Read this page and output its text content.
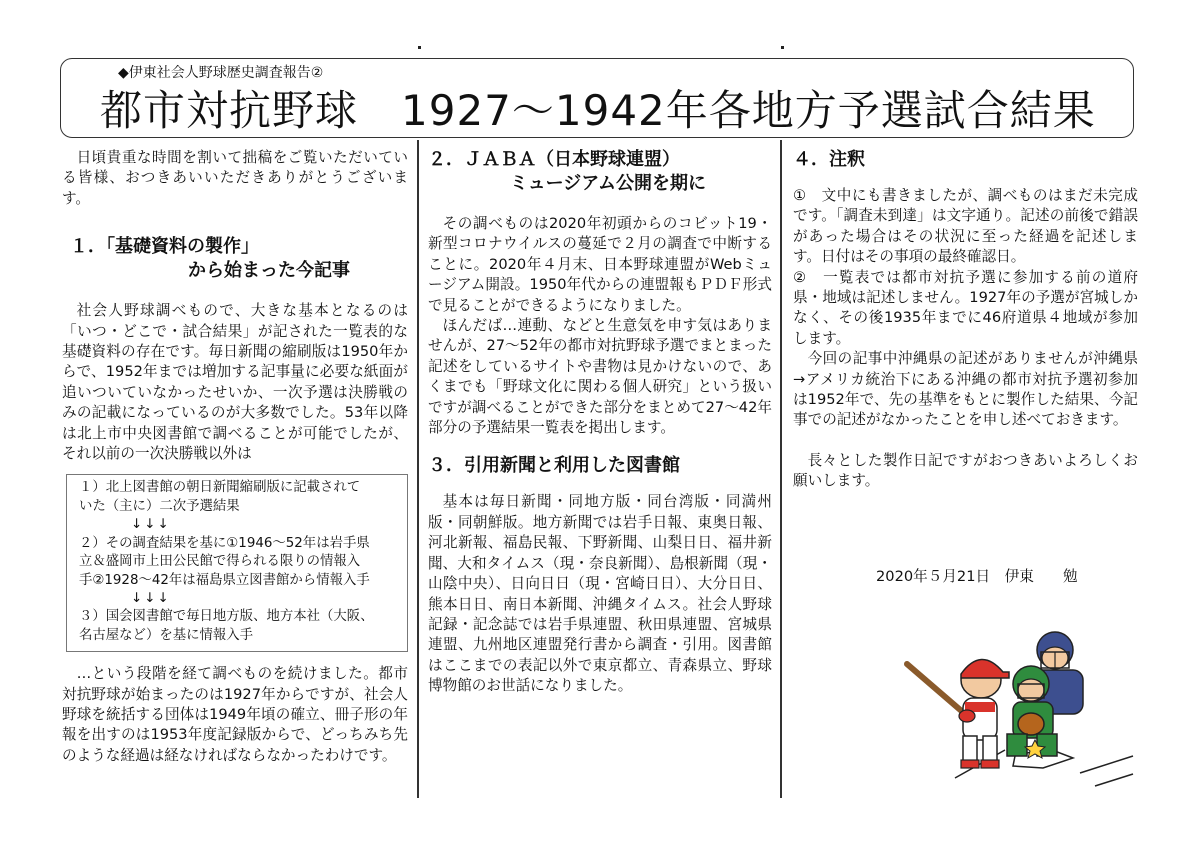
◆伊東社会人野球歴史調査報告②
都市対抗野球　1927～1942年各地方予選試合結果

日頃貴重な時間を割いて拙稿をご覧いただいている皆様、おつきあいいただきありがとうございます。

１．「基礎資料の製作」
から始まった今記事

社会人野球調べもので、大きな基本となるのは「いつ・どこで・試合結果」が記された一覧表的な基礎資料の存在です。毎日新聞の縮刷版は1950年からで、1952年までは増加する記事量に必要な紙面が追いついていなかったせいか、一次予選は決勝戦のみの記載になっているのが大多数でした。53年以降は北上市中央図書館で調べることが可能でしたが、それ以前の一次決勝戦以外は

１）北上図書館の朝日新聞縮刷版に記載されて
いた（主に）二次予選結果
↓↓↓
２）その調査結果を基に①1946～52年は岩手県
立＆盛岡市上田公民館で得られる限りの情報入
手②1928～42年は福島県立図書館から情報入手
↓↓↓
３）国会図書館で毎日地方版、地方本社（大阪、
名古屋など）を基に情報入手

…という段階を経て調べものを続けました。都市対抗野球が始まったのは1927年からですが、社会人野球を統括する団体は1949年頃の確立、冊子形の年報を出すのは1953年度記録版からで、どっちみち先のような経過は経なければならなかったわけです。

２．ＪＡＢＡ（日本野球連盟）
ミュージアム公開を期に

その調べものは2020年初頭からのコビット19・新型コロナウイルスの蔓延で２月の調査で中断することに。2020年４月末、日本野球連盟がWebミュージアム開設。1950年代からの連盟報もＰＤＦ形式で見ることができるようになりました。

ほんだば…連動、などと生意気を申す気はありませんが、27～52年の都市対抗野球予選でまとまった記述をしているサイトや書物は見かけないので、あくまでも「野球文化に関わる個人研究」という扱いですが調べることができた部分をまとめて27～42年部分の予選結果一覧表を掲出します。

３．引用新聞と利用した図書館

基本は毎日新聞・同地方版・同台湾版・同満州版・同朝鮮版。地方新聞では岩手日報、東奥日報、河北新報、福島民報、下野新聞、山梨日日、福井新聞、大和タイムス（現・奈良新聞）、島根新聞（現・山陰中央）、日向日日（現・宮崎日日）、大分日日、熊本日日、南日本新聞、沖縄タイムス。社会人野球記録・記念誌では岩手県連盟、秋田県連盟、宮城県連盟、九州地区連盟発行書から調査・引用。図書館はここまでの表記以外で東京都立、青森県立、野球博物館のお世話になりました。

４．注釈

①　文中にも書きましたが、調べものはまだ未完成です。「調査未到達」は文字通り。記述の前後で錯誤があった場合はその状況に至った経過を記述します。日付はその事項の最終確認日。

②　一覧表では都市対抗予選に参加する前の道府県・地域は記述しません。1927年の予選が宮城しかなく、その後1935年までに46府道県４地域が参加します。

今回の記事中沖縄県の記述がありませんが沖縄県→アメリカ統治下にある沖縄の都市対抗予選初参加は1952年で、先の基準をもとに製作した結果、今記事での記述がなかったことを申し述べておきます。

長々とした製作日記ですがおつきあいよろしくお願いします。

2020年５月21日　伊東　　勉
